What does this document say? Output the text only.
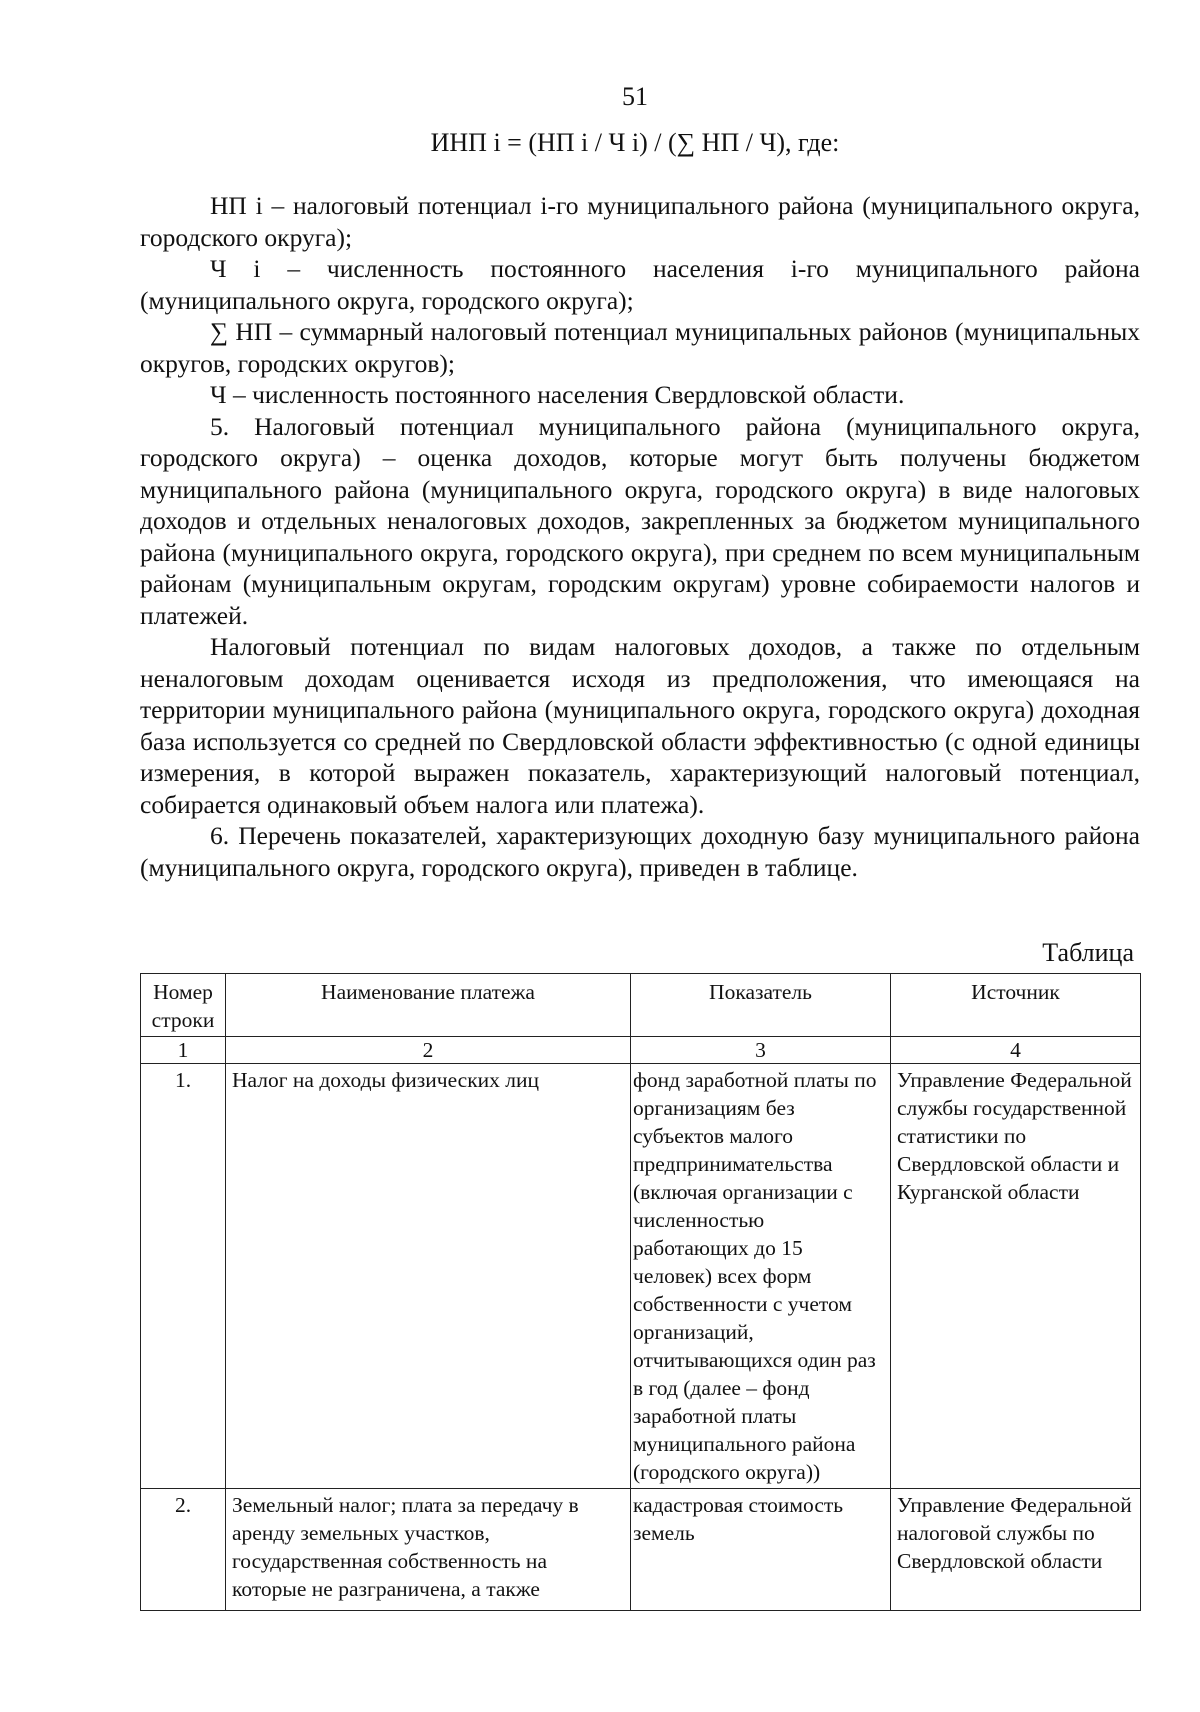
51
ИНП i = (НП i / Ч i) / (∑ НП / Ч), где:

НП i – налоговый потенциал i-го муниципального района (муниципального округа, городского округа);

Ч i – численность постоянного населения i-го муниципального района (муниципального округа, городского округа);

∑ НП – суммарный налоговый потенциал муниципальных районов (муниципальных округов, городских округов);

Ч – численность постоянного населения Свердловской области.

5. Налоговый потенциал муниципального района (муниципального округа, городского округа) – оценка доходов, которые могут быть получены бюджетом муниципального района (муниципального округа, городского округа) в виде налоговых доходов и отдельных неналоговых доходов, закрепленных за бюджетом муниципального района (муниципального округа, городского округа), при среднем по всем муниципальным районам (муниципальным округам, городским округам) уровне собираемости налогов и платежей.

Налоговый потенциал по видам налоговых доходов, а также по отдельным неналоговым доходам оценивается исходя из предположения, что имеющаяся на территории муниципального района (муниципального округа, городского округа) доходная база используется со средней по Свердловской области эффективностью (с одной единицы измерения, в которой выражен показатель, характеризующий налоговый потенциал, собирается одинаковый объем налога или платежа).

6. Перечень показателей, характеризующих доходную базу муниципального района (муниципального округа, городского округа), приведен в таблице.

Таблица
Номер строки	Наименование платежа	Показатель	Источник
1	2	3	4
1.	Налог на доходы физических лиц	фонд заработной платы по организациям без субъектов малого предпринимательства (включая организации с численностью работающих до 15 человек) всех форм собственности с учетом организаций, отчитывающихся один раз в год (далее – фонд заработной платы муниципального района (городского округа))	Управление Федеральной службы государственной статистики по Свердловской области и Курганской области
2.	Земельный налог; плата за передачу в аренду земельных участков, государственная собственность на которые не разграничена, а также	кадастровая стоимость земель	Управление Федеральной налоговой службы по Свердловской области
